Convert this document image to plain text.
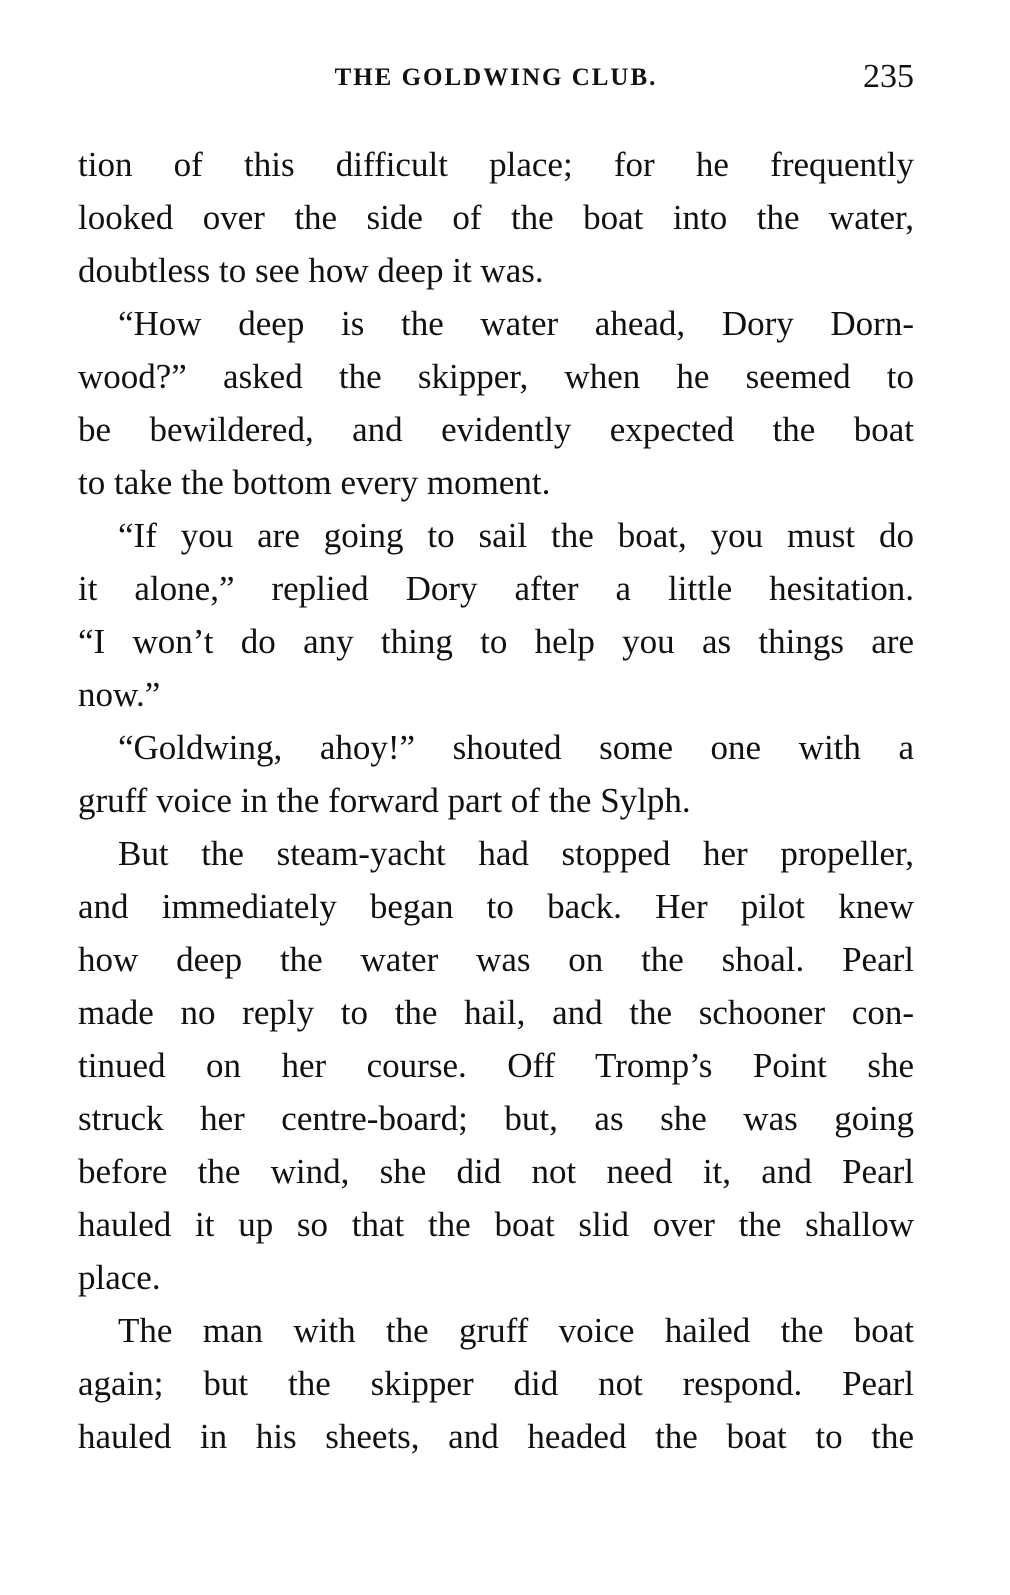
THE GOLDWING CLUB.	235
tion of this difficult place; for he frequently
looked over the side of the boat into the water,
doubtless to see how deep it was.
“How deep is the water ahead, Dory Dorn-
wood?” asked the skipper, when he seemed to
be bewildered, and evidently expected the boat
to take the bottom every moment.
“If you are going to sail the boat, you must do
it alone,” replied Dory after a little hesitation.
“I won’t do any thing to help you as things are
now.”
“Goldwing, ahoy!” shouted some one with a
gruff voice in the forward part of the Sylph.
But the steam-yacht had stopped her propeller,
and immediately began to back. Her pilot knew
how deep the water was on the shoal. Pearl
made no reply to the hail, and the schooner con-
tinued on her course. Off Tromp’s Point she
struck her centre-board; but, as she was going
before the wind, she did not need it, and Pearl
hauled it up so that the boat slid over the shallow
place.
The man with the gruff voice hailed the boat
again; but the skipper did not respond. Pearl
hauled in his sheets, and headed the boat to the
